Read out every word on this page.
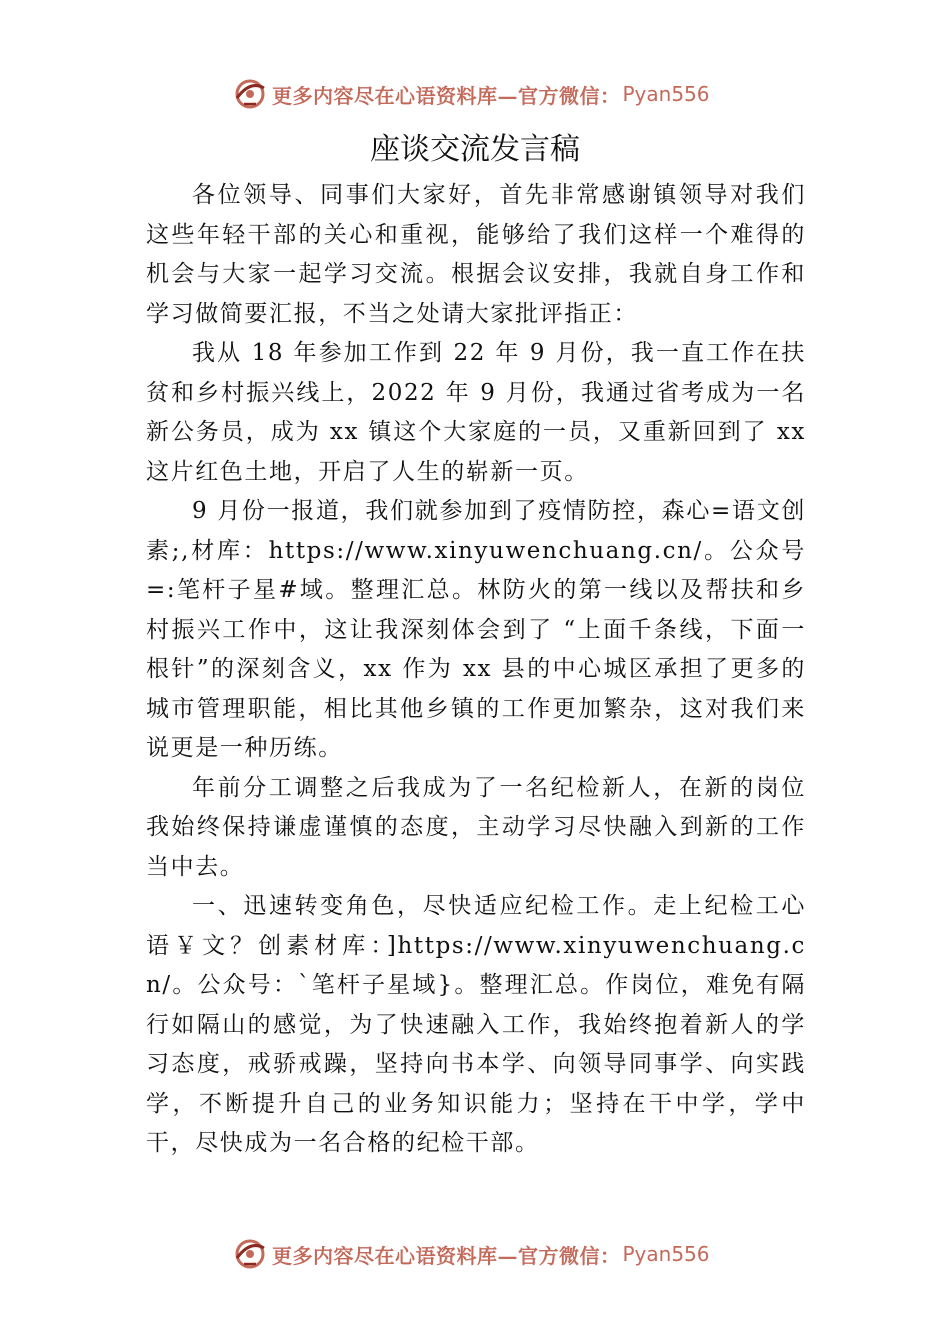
更多内容尽在心语资料库—官方微信： Pyan556
座谈交流发言稿

各位领导、同事们大家好，首先非常感谢镇领导对我们这些年轻干部的关心和重视，能够给了我们这样一个难得的机会与大家一起学习交流。根据会议安排，我就自身工作和学习做简要汇报，不当之处请大家批评指正：

我从 18 年参加工作到 22 年 9 月份，我一直工作在扶贫和乡村振兴线上，2022 年 9 月份，我通过省考成为一名新公务员，成为 xx 镇这个大家庭的一员，又重新回到了 xx 这片红色土地，开启了人生的崭新一页。

9 月份一报道，我们就参加到了疫情防控，森心=语文创素;,材库：https://www.xinyuwenchuang.cn/。公众号=:笔杆子星#域。整理汇总。林防火的第一线以及帮扶和乡村振兴工作中，这让我深刻体会到了 “上面千条线，下面一根针”的深刻含义，xx 作为 xx 县的中心城区承担了更多的城市管理职能，相比其他乡镇的工作更加繁杂，这对我们来说更是一种历练。

年前分工调整之后我成为了一名纪检新人，在新的岗位我始终保持谦虚谨慎的态度，主动学习尽快融入到新的工作当中去。

一、迅速转变角色，尽快适应纪检工作。走上纪检工心语￥文？创素材库：]https://www.xinyuwenchuang.cn/。公众号：`笔杆子星域}。整理汇总。作岗位，难免有隔行如隔山的感觉，为了快速融入工作，我始终抱着新人的学习态度，戒骄戒躁，坚持向书本学、向领导同事学、向实践学，不断提升自己的业务知识能力；坚持在干中学，学中干，尽快成为一名合格的纪检干部。

更多内容尽在心语资料库—官方微信： Pyan556
